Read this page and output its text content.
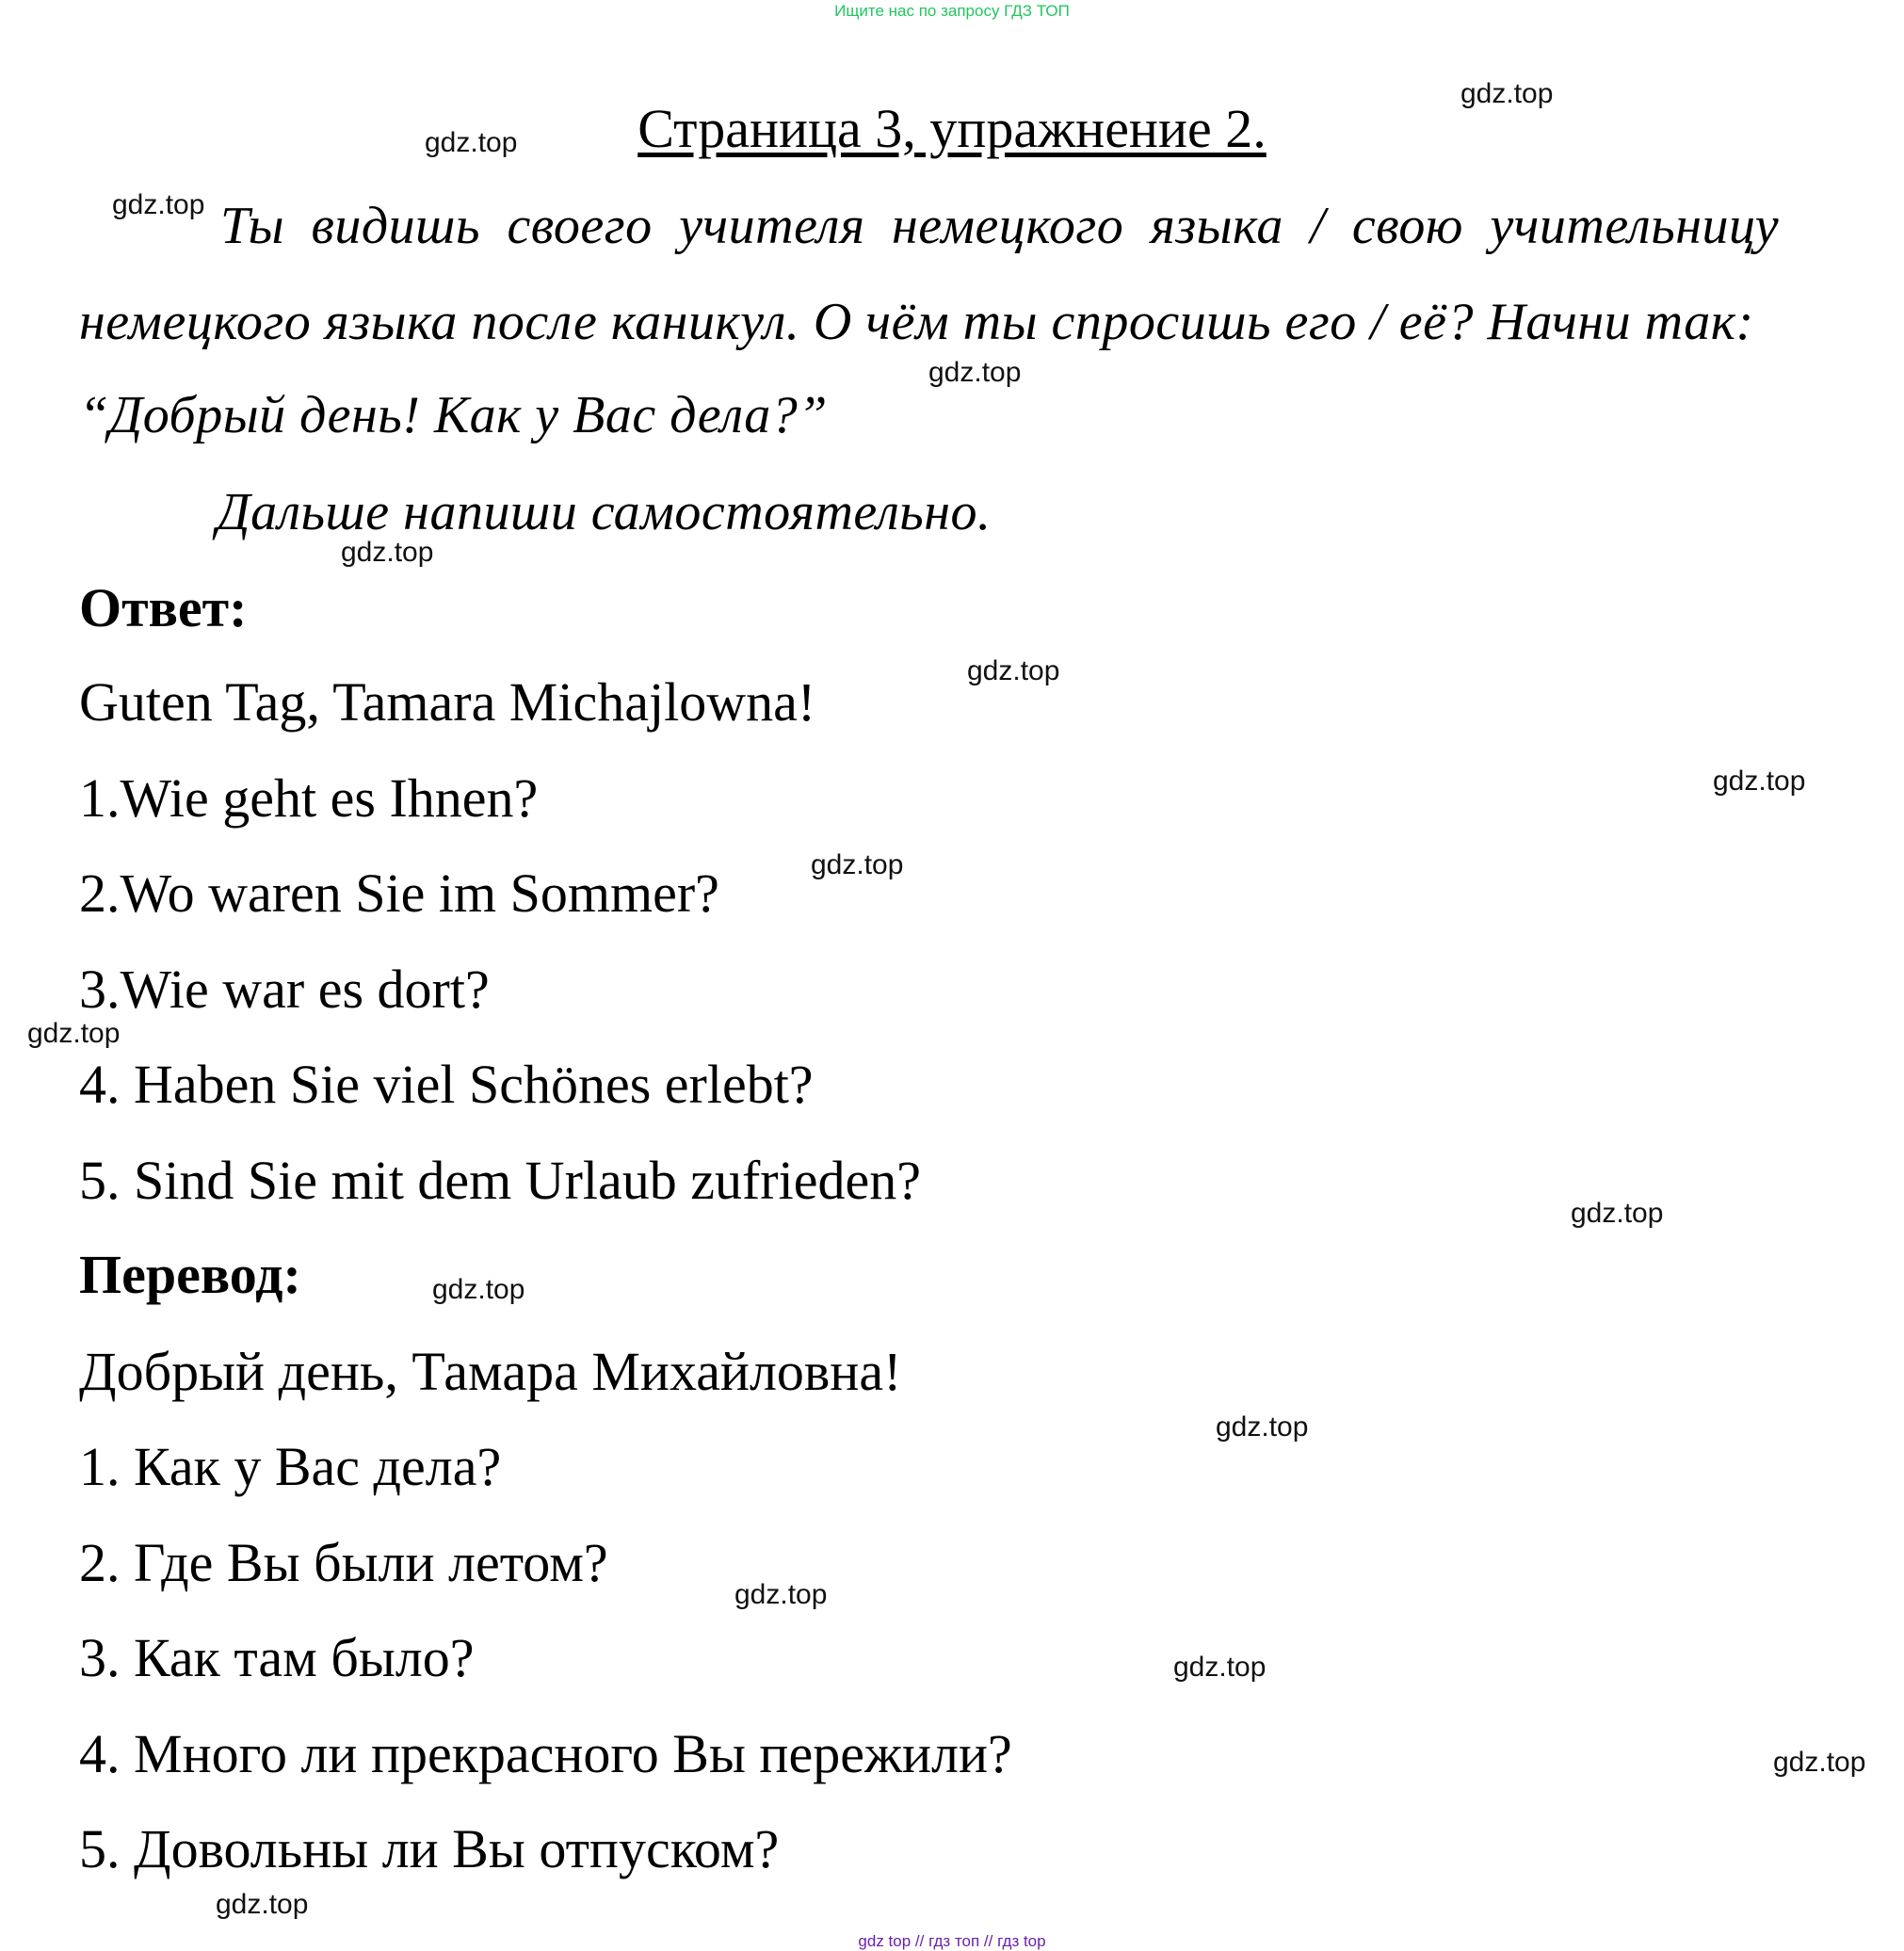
Ищите нас по запросу ГДЗ ТОП
Страница 3, упражнение 2.
Ты видишь своего учителя немецкого языка / свою учительницу
немецкого языка после каникул. О чём ты спросишь его / её? Начни так:
“Добрый день! Как у Вас дела?”
Дальше напиши самостоятельно.
Ответ:
Guten Tag, Tamara Michajlowna!
1.Wie geht es Ihnen?
2.Wo waren Sie im Sommer?
3.Wie war es dort?
4. Haben Sie viel Schönes erlebt?
5. Sind Sie mit dem Urlaub zufrieden?
Перевод:
Добрый день, Тамара Михайловна!
1. Как у Вас дела?
2. Где Вы были летом?
3. Как там было?
4. Много ли прекрасного Вы пережили?
5. Довольны ли Вы отпуском?
gdz.top
gdz.top
gdz.top
gdz.top
gdz.top
gdz.top
gdz.top
gdz.top
gdz.top
gdz.top
gdz.top
gdz.top
gdz.top
gdz.top
gdz.top
gdz.top
gdz top // гдз топ // гдз top
